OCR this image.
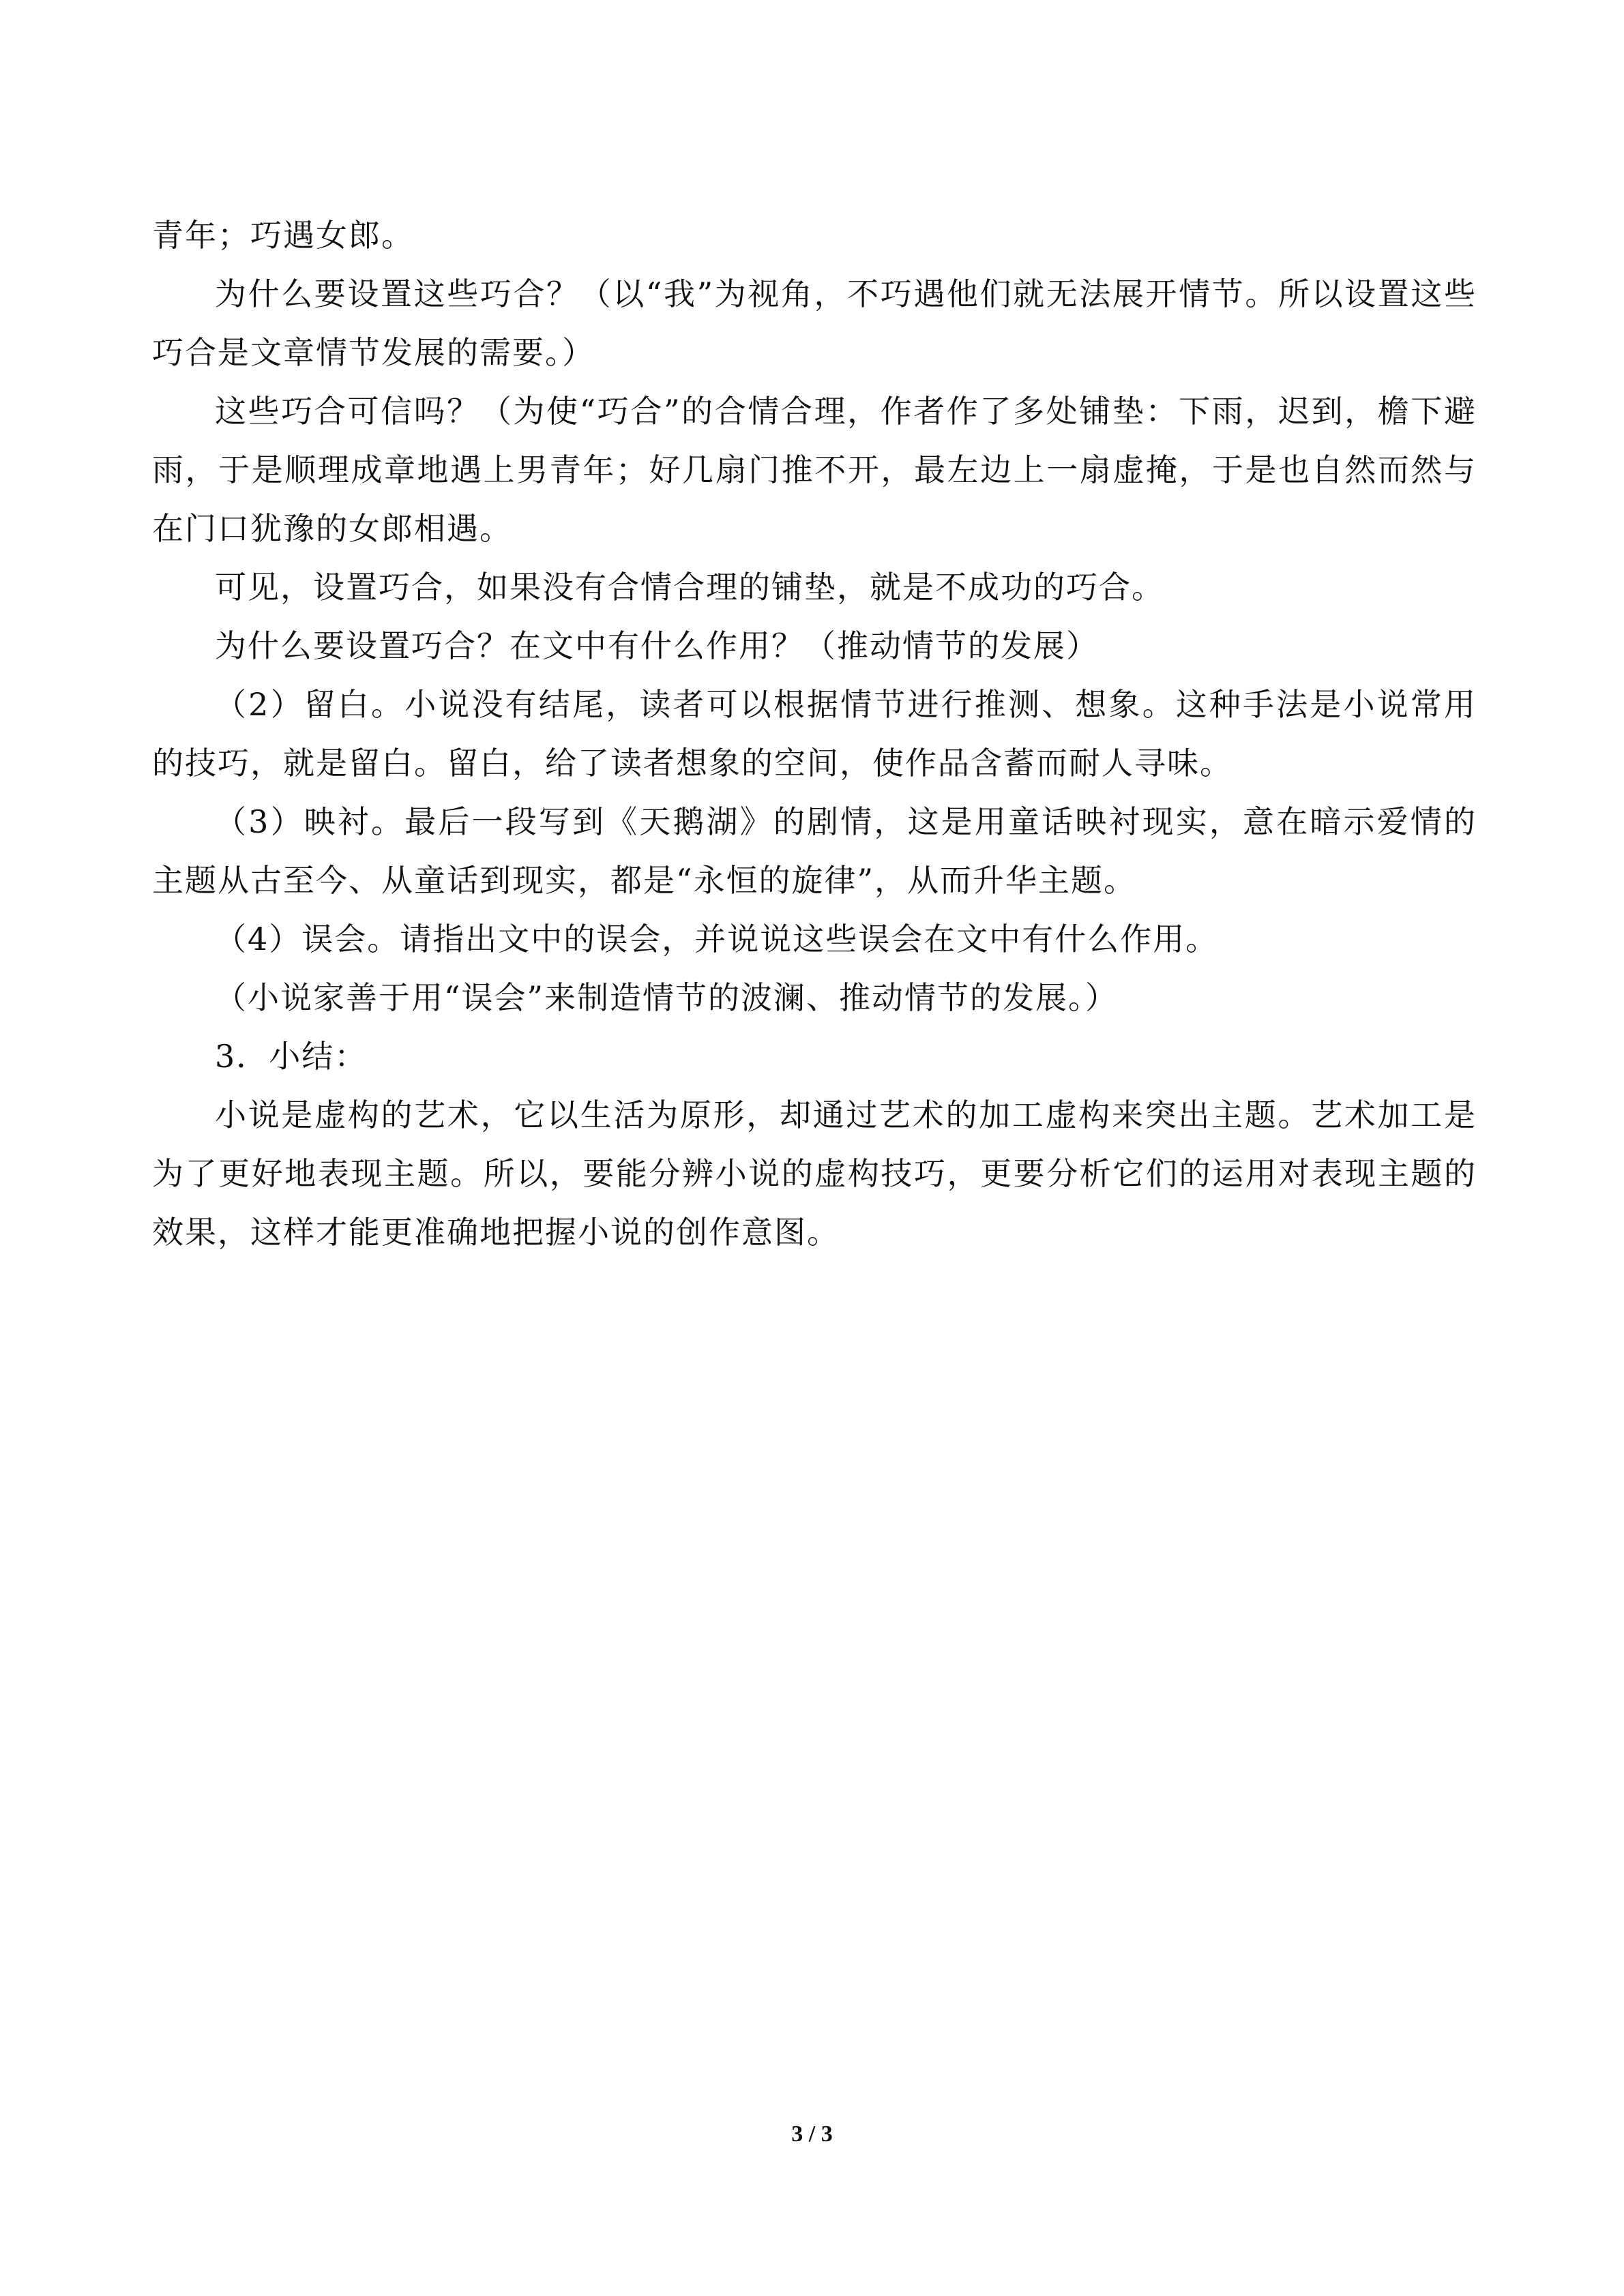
青年；巧遇女郎。

为什么要设置这些巧合？（以“我”为视角，不巧遇他们就无法展开情节。所以设置这些巧合是文章情节发展的需要。）

这些巧合可信吗？（为使“巧合”的合情合理，作者作了多处铺垫：下雨，迟到，檐下避雨，于是顺理成章地遇上男青年；好几扇门推不开，最左边上一扇虚掩，于是也自然而然与在门口犹豫的女郎相遇。

可见，设置巧合，如果没有合情合理的铺垫，就是不成功的巧合。

为什么要设置巧合？在文中有什么作用？（推动情节的发展）

（2）留白。小说没有结尾，读者可以根据情节进行推测、想象。这种手法是小说常用的技巧，就是留白。留白，给了读者想象的空间，使作品含蓄而耐人寻味。

（3）映衬。最后一段写到《天鹅湖》的剧情，这是用童话映衬现实，意在暗示爱情的主题从古至今、从童话到现实，都是“永恒的旋律”，从而升华主题。

（4）误会。请指出文中的误会，并说说这些误会在文中有什么作用。

（小说家善于用“误会”来制造情节的波澜、推动情节的发展。）

3．小结：

小说是虚构的艺术，它以生活为原形，却通过艺术的加工虚构来突出主题。艺术加工是为了更好地表现主题。所以，要能分辨小说的虚构技巧，更要分析它们的运用对表现主题的效果，这样才能更准确地把握小说的创作意图。

3 / 3
